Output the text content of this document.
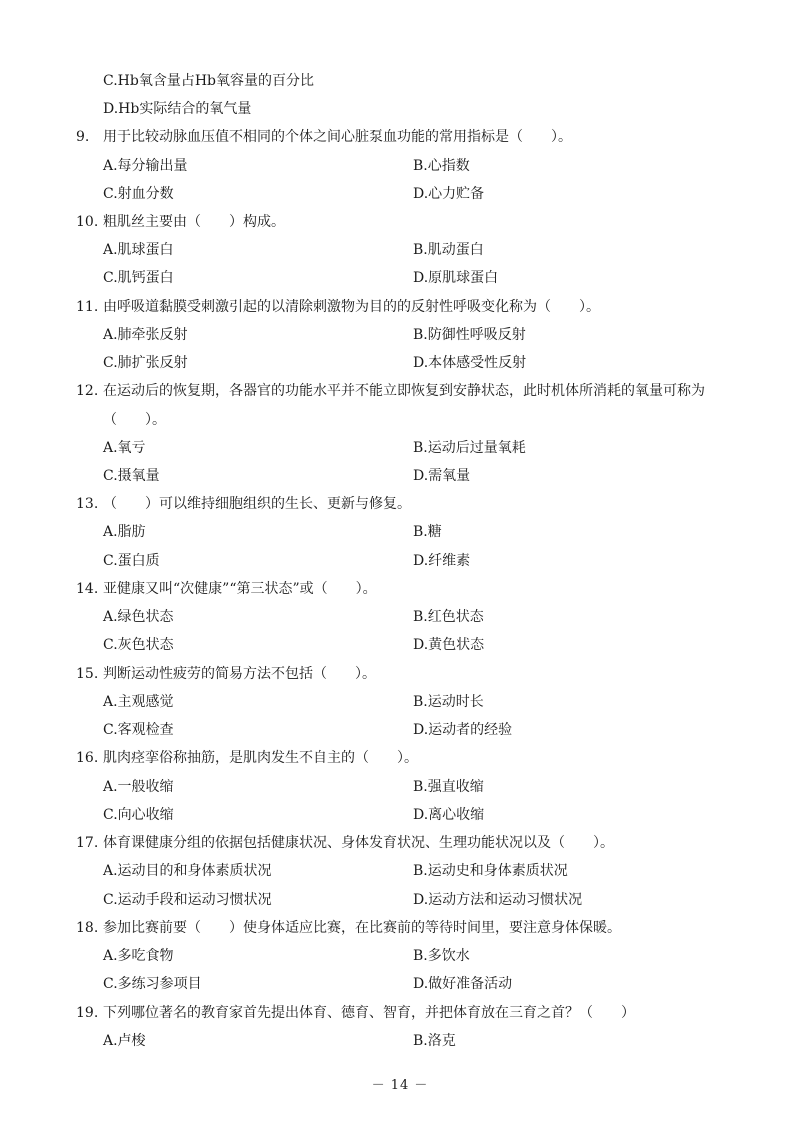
C.Hb氧含量占Hb氧容量的百分比
D.Hb实际结合的氧气量
9. 用于比较动脉血压值不相同的个体之间心脏泵血功能的常用指标是（　　）。
A.每分输出量	B.心指数
C.射血分数	D.心力贮备
10. 粗肌丝主要由（　　）构成。
A.肌球蛋白	B.肌动蛋白
C.肌钙蛋白	D.原肌球蛋白
11. 由呼吸道黏膜受刺激引起的以清除刺激物为目的的反射性呼吸变化称为（　　）。
A.肺牵张反射	B.防御性呼吸反射
C.肺扩张反射	D.本体感受性反射
12. 在运动后的恢复期，各器官的功能水平并不能立即恢复到安静状态，此时机体所消耗的氧量可称为
（　　）。
A.氧亏	B.运动后过量氧耗
C.摄氧量	D.需氧量
13. （　　）可以维持细胞组织的生长、更新与修复。
A.脂肪	B.糖
C.蛋白质	D.纤维素
14. 亚健康又叫“次健康”“第三状态”或（　　）。
A.绿色状态	B.红色状态
C.灰色状态	D.黄色状态
15. 判断运动性疲劳的简易方法不包括（　　）。
A.主观感觉	B.运动时长
C.客观检查	D.运动者的经验
16. 肌肉痉挛俗称抽筋，是肌肉发生不自主的（　　）。
A.一般收缩	B.强直收缩
C.向心收缩	D.离心收缩
17. 体育课健康分组的依据包括健康状况、身体发育状况、生理功能状况以及（　　）。
A.运动目的和身体素质状况	B.运动史和身体素质状况
C.运动手段和运动习惯状况	D.运动方法和运动习惯状况
18. 参加比赛前要（　　）使身体适应比赛，在比赛前的等待时间里，要注意身体保暖。
A.多吃食物	B.多饮水
C.多练习参项目	D.做好准备活动
19. 下列哪位著名的教育家首先提出体育、德育、智育，并把体育放在三育之首？（　　）
A.卢梭	B.洛克
－ 14 －
